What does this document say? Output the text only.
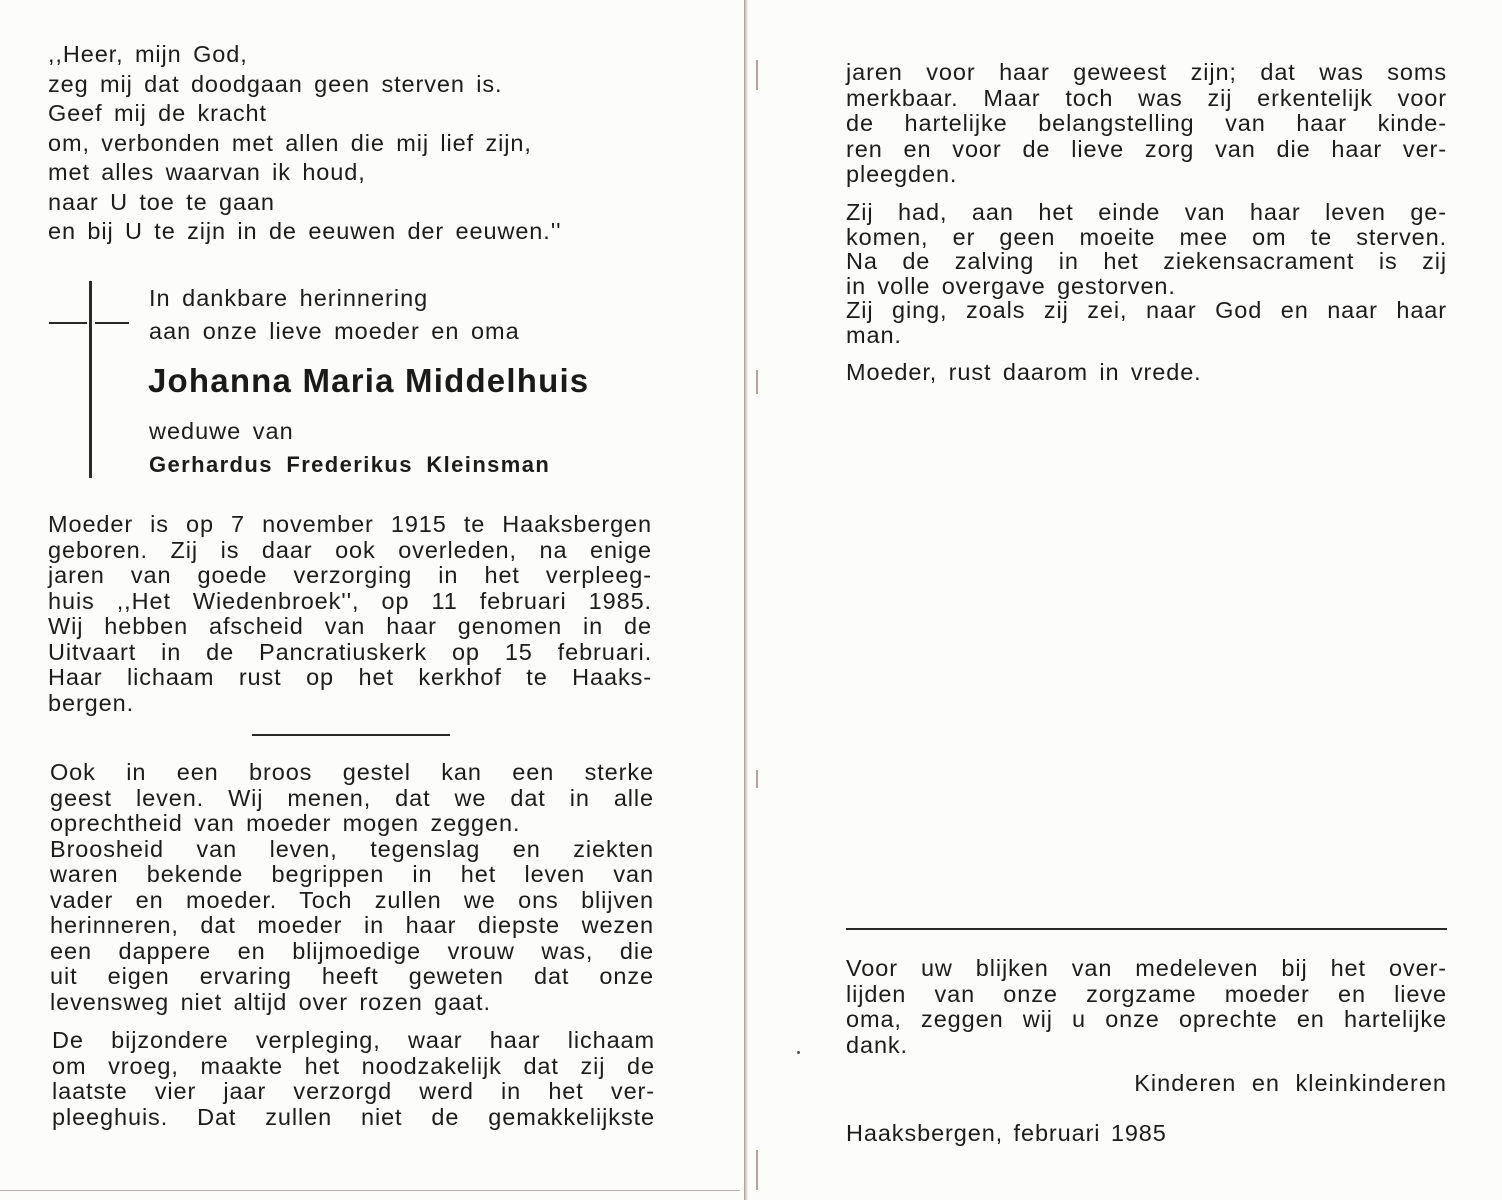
,,Heer, mijn God,
zeg mij dat doodgaan geen sterven is.
Geef mij de kracht
om, verbonden met allen die mij lief zijn,
met alles waarvan ik houd,
naar U toe te gaan
en bij U te zijn in de eeuwen der eeuwen.''
In dankbare herinnering
aan onze lieve moeder en oma
Johanna Maria Middelhuis
weduwe van
Gerhardus Frederikus Kleinsman
Moeder is op 7 november 1915 te Haaksbergen
geboren. Zij is daar ook overleden, na enige
jaren van goede verzorging in het verpleeg-
huis ,,Het Wiedenbroek'', op 11 februari 1985.
Wij hebben afscheid van haar genomen in de
Uitvaart in de Pancratiuskerk op 15 februari.
Haar lichaam rust op het kerkhof te Haaks-
bergen.
Ook in een broos gestel kan een sterke
geest leven. Wij menen, dat we dat in alle
oprechtheid van moeder mogen zeggen.
Broosheid van leven, tegenslag en ziekten
waren bekende begrippen in het leven van
vader en moeder. Toch zullen we ons blijven
herinneren, dat moeder in haar diepste wezen
een dappere en blijmoedige vrouw was, die
uit eigen ervaring heeft geweten dat onze
levensweg niet altijd over rozen gaat.
De bijzondere verpleging, waar haar lichaam
om vroeg, maakte het noodzakelijk dat zij de
laatste vier jaar verzorgd werd in het ver-
pleeghuis. Dat zullen niet de gemakkelijkste
jaren voor haar geweest zijn; dat was soms
merkbaar. Maar toch was zij erkentelijk voor
de hartelijke belangstelling van haar kinde-
ren en voor de lieve zorg van die haar ver-
pleegden.
Zij had, aan het einde van haar leven ge-
komen, er geen moeite mee om te sterven.
Na de zalving in het ziekensacrament is zij
in volle overgave gestorven.
Zij ging, zoals zij zei, naar God en naar haar
man.
Moeder, rust daarom in vrede.
Voor uw blijken van medeleven bij het over-
lijden van onze zorgzame moeder en lieve
oma, zeggen wij u onze oprechte en hartelijke
dank.
Kinderen en kleinkinderen
Haaksbergen, februari 1985
